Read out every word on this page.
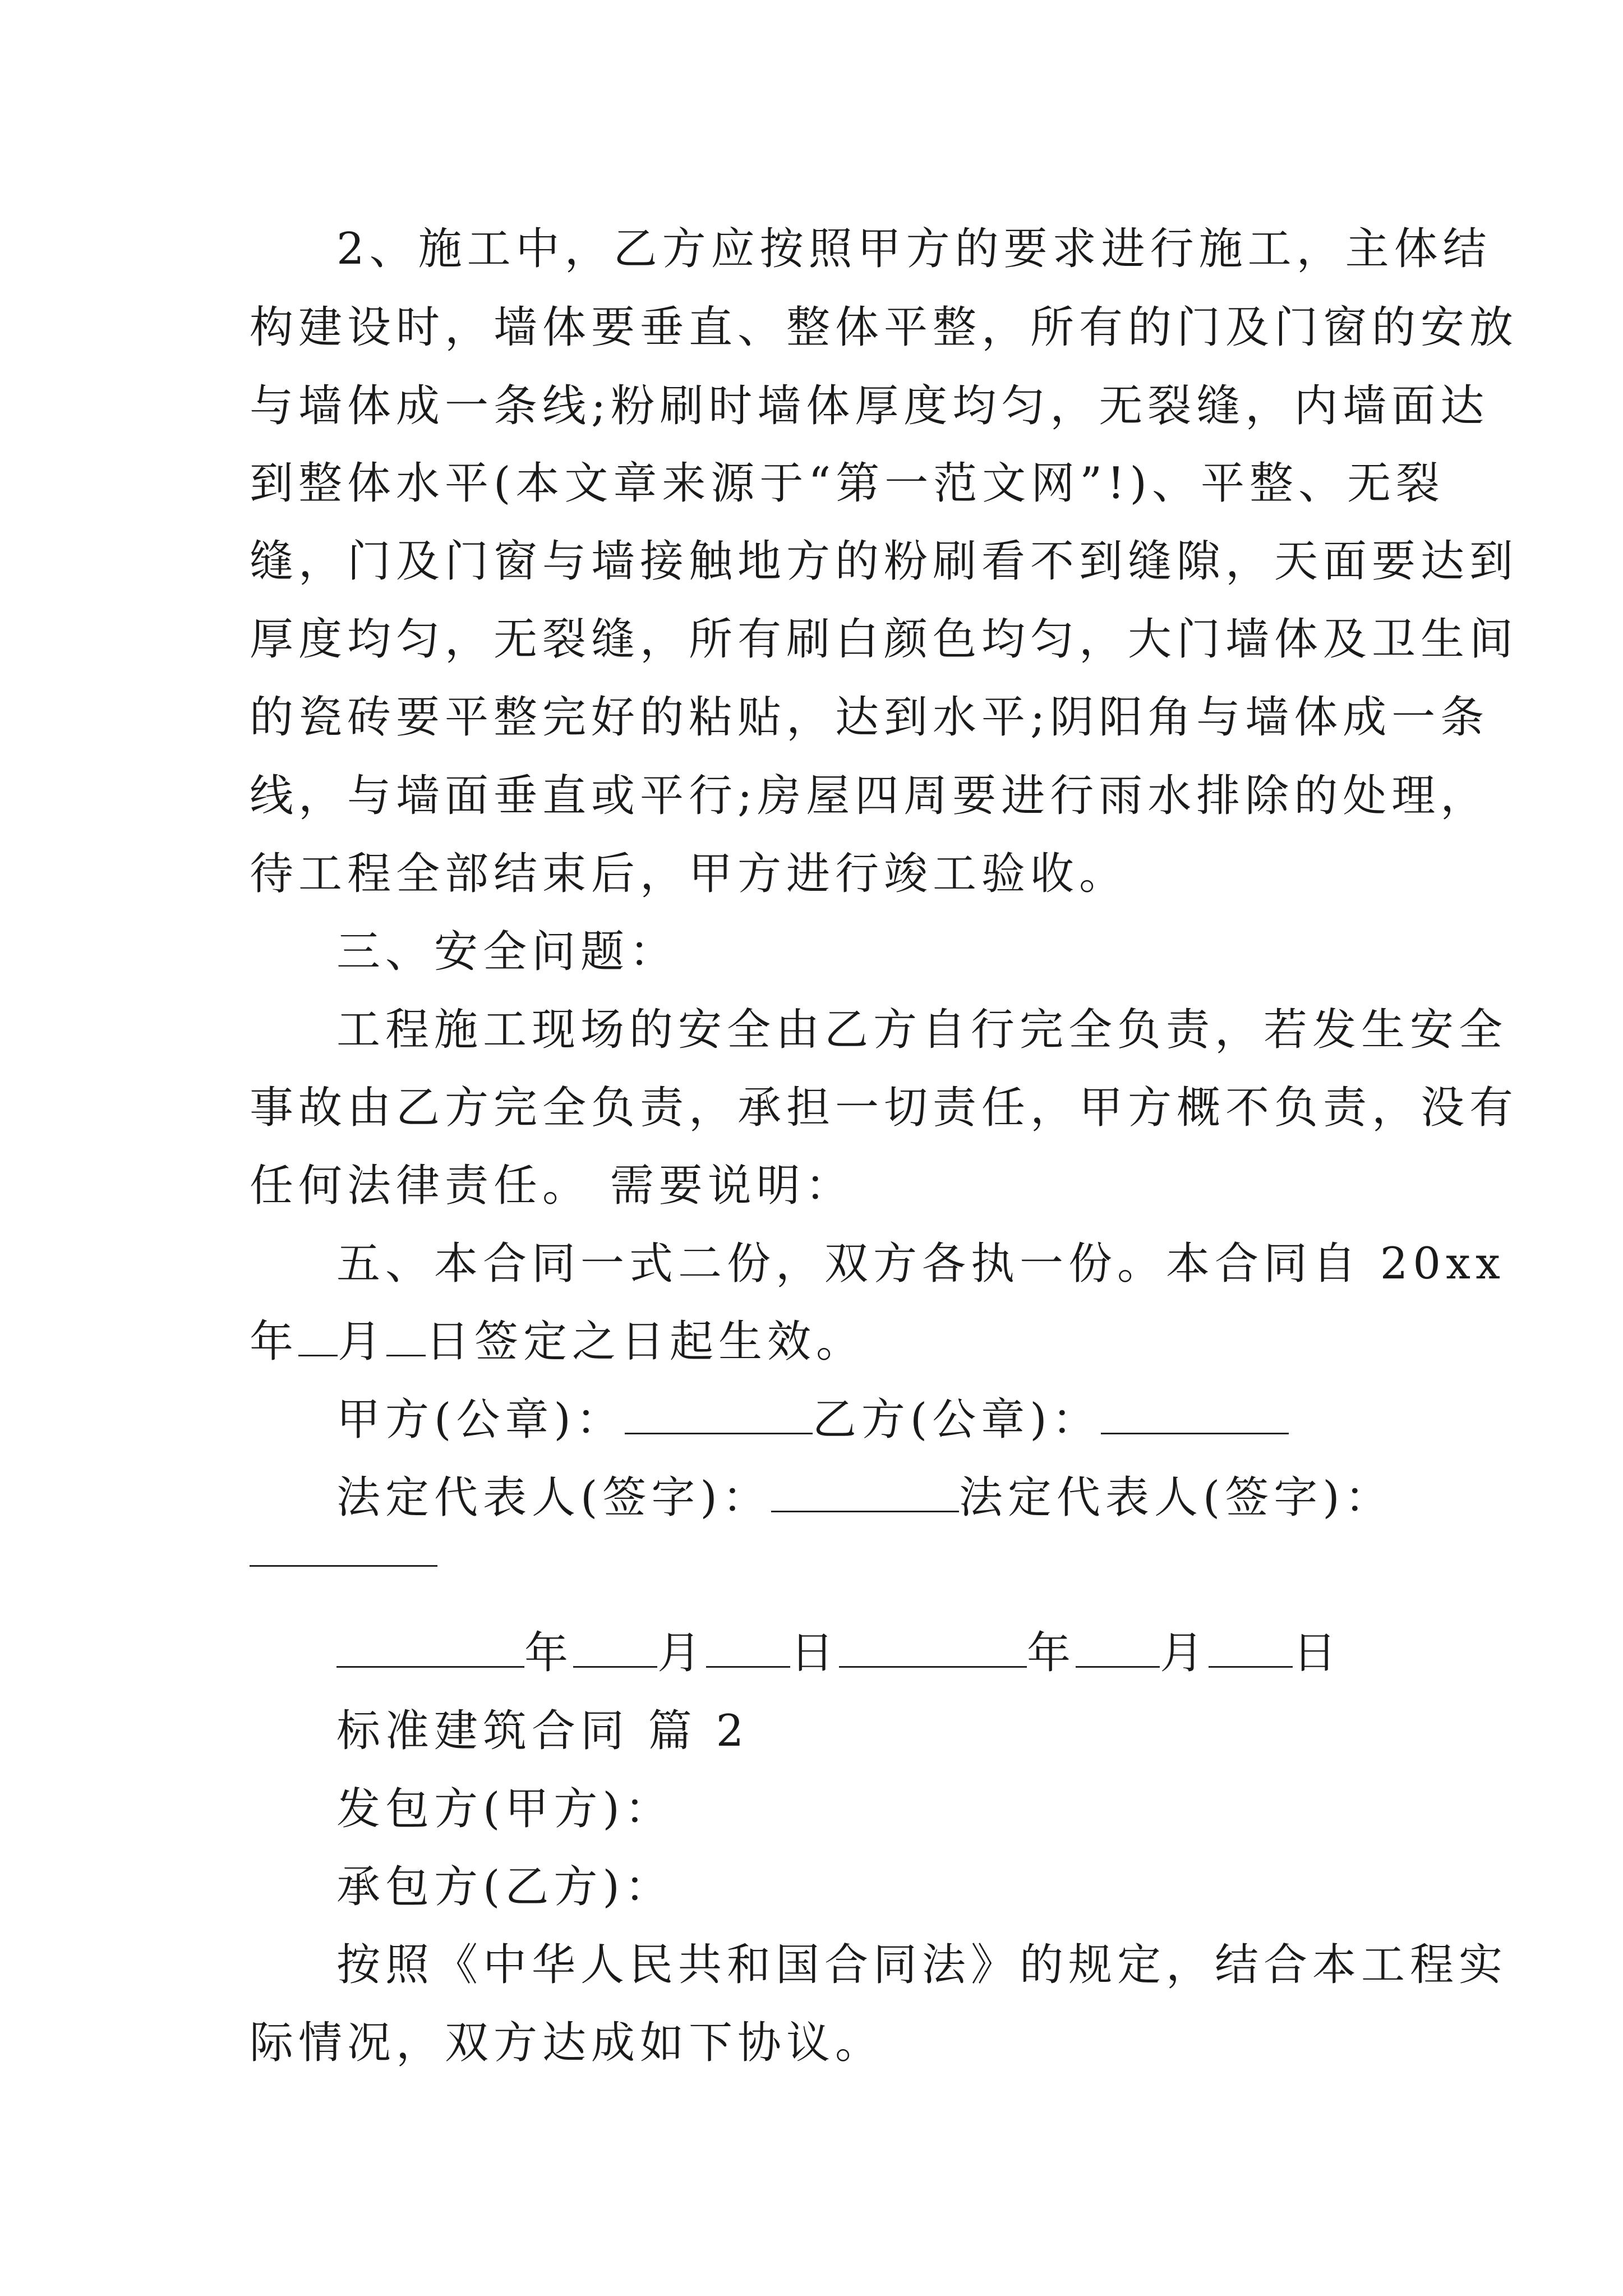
2、施工中，乙方应按照甲方的要求进行施工，主体结
构建设时，墙体要垂直、整体平整，所有的门及门窗的安放
与墙体成一条线;粉刷时墙体厚度均匀，无裂缝，内墙面达
到整体水平(本文章来源于“第一范文网”!)、平整、无裂
缝，门及门窗与墙接触地方的粉刷看不到缝隙，天面要达到
厚度均匀，无裂缝，所有刷白颜色均匀，大门墙体及卫生间
的瓷砖要平整完好的粘贴，达到水平;阴阳角与墙体成一条
线，与墙面垂直或平行;房屋四周要进行雨水排除的处理，
待工程全部结束后，甲方进行竣工验收。
三、安全问题：
工程施工现场的安全由乙方自行完全负责，若发生安全
事故由乙方完全负责，承担一切责任，甲方概不负责，没有
任何法律责任。 需要说明：
五、本合同一式二份，双方各执一份。本合同自 20xx
年 月 日签定之日起生效。
甲方(公章)：	乙方(公章)：
法定代表人(签字)：	法定代表人(签字)：
年 月 日	年 月 日
标准建筑合同 篇 2
发包方(甲方)：
承包方(乙方)：
按照《中华人民共和国合同法》的规定，结合本工程实
际情况，双方达成如下协议。
